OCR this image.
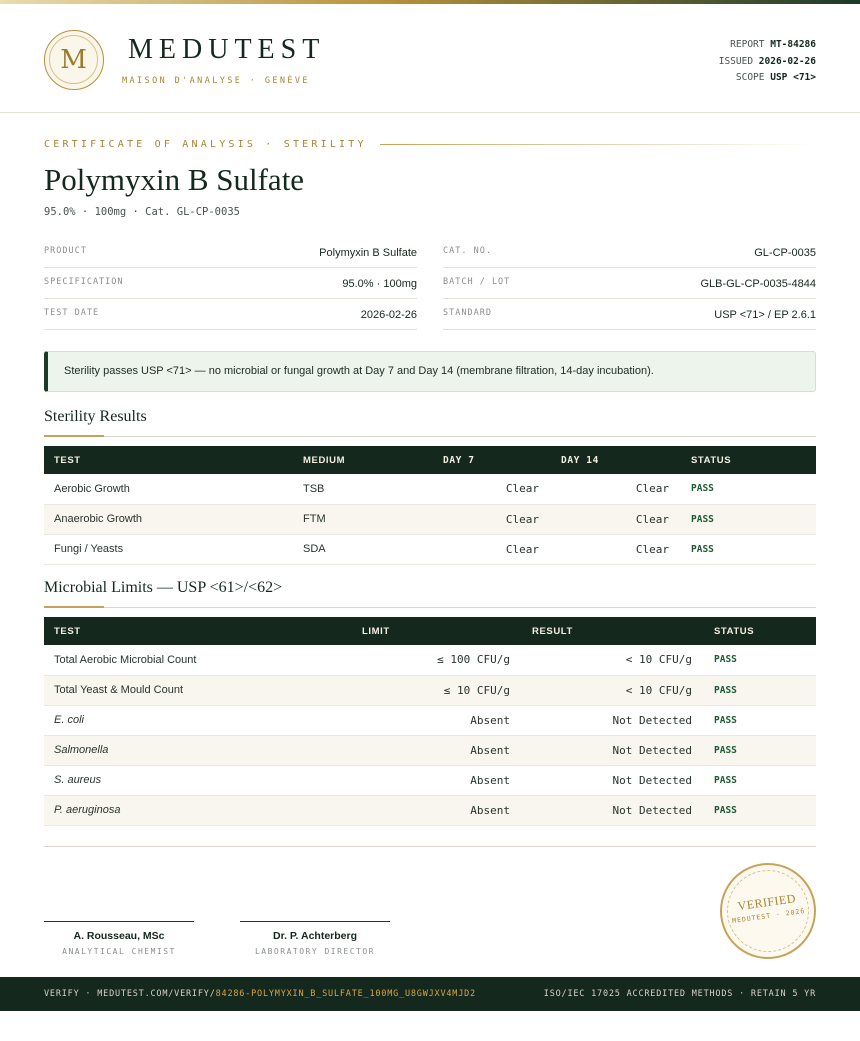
M	MEDUTEST
MAISON D'ANALYSE · GENÈVE
REPORT MT-84286
ISSUED 2026-02-26
SCOPE USP <71>
CERTIFICATE OF ANALYSIS · STERILITY
Polymyxin B Sulfate
95.0% · 100mg · Cat. GL-CP-0035
PRODUCT	Polymyxin B Sulfate
SPECIFICATION	95.0% · 100mg
TEST DATE	2026-02-26
CAT. NO.	GL-CP-0035
BATCH / LOT	GLB-GL-CP-0035-4844
STANDARD	USP <71> / EP 2.6.1
Sterility passes USP <71> — no microbial or fungal growth at Day 7 and Day 14 (membrane filtration, 14-day incubation).
Sterility Results
TEST	MEDIUM	DAY 7	DAY 14	STATUS
Aerobic Growth	TSB	Clear	Clear	PASS
Anaerobic Growth	FTM	Clear	Clear	PASS
Fungi / Yeasts	SDA	Clear	Clear	PASS
Microbial Limits — USP <61>/<62>
TEST	LIMIT	RESULT	STATUS
Total Aerobic Microbial Count	≤ 100 CFU/g	< 10 CFU/g	PASS
Total Yeast & Mould Count	≤ 10 CFU/g	< 10 CFU/g	PASS
E. coli	Absent	Not Detected	PASS
Salmonella	Absent	Not Detected	PASS
S. aureus	Absent	Not Detected	PASS
P. aeruginosa	Absent	Not Detected	PASS
A. Rousseau, MSc
ANALYTICAL CHEMIST
Dr. P. Achterberg
LABORATORY DIRECTOR
VERIFIED
MEDUTEST · 2026
VERIFY · MEDUTEST.COM/VERIFY/84286-POLYMYXIN_B_SULFATE_100MG_U8GWJXV4MJD2	ISO/IEC 17025 ACCREDITED METHODS · RETAIN 5 YR
